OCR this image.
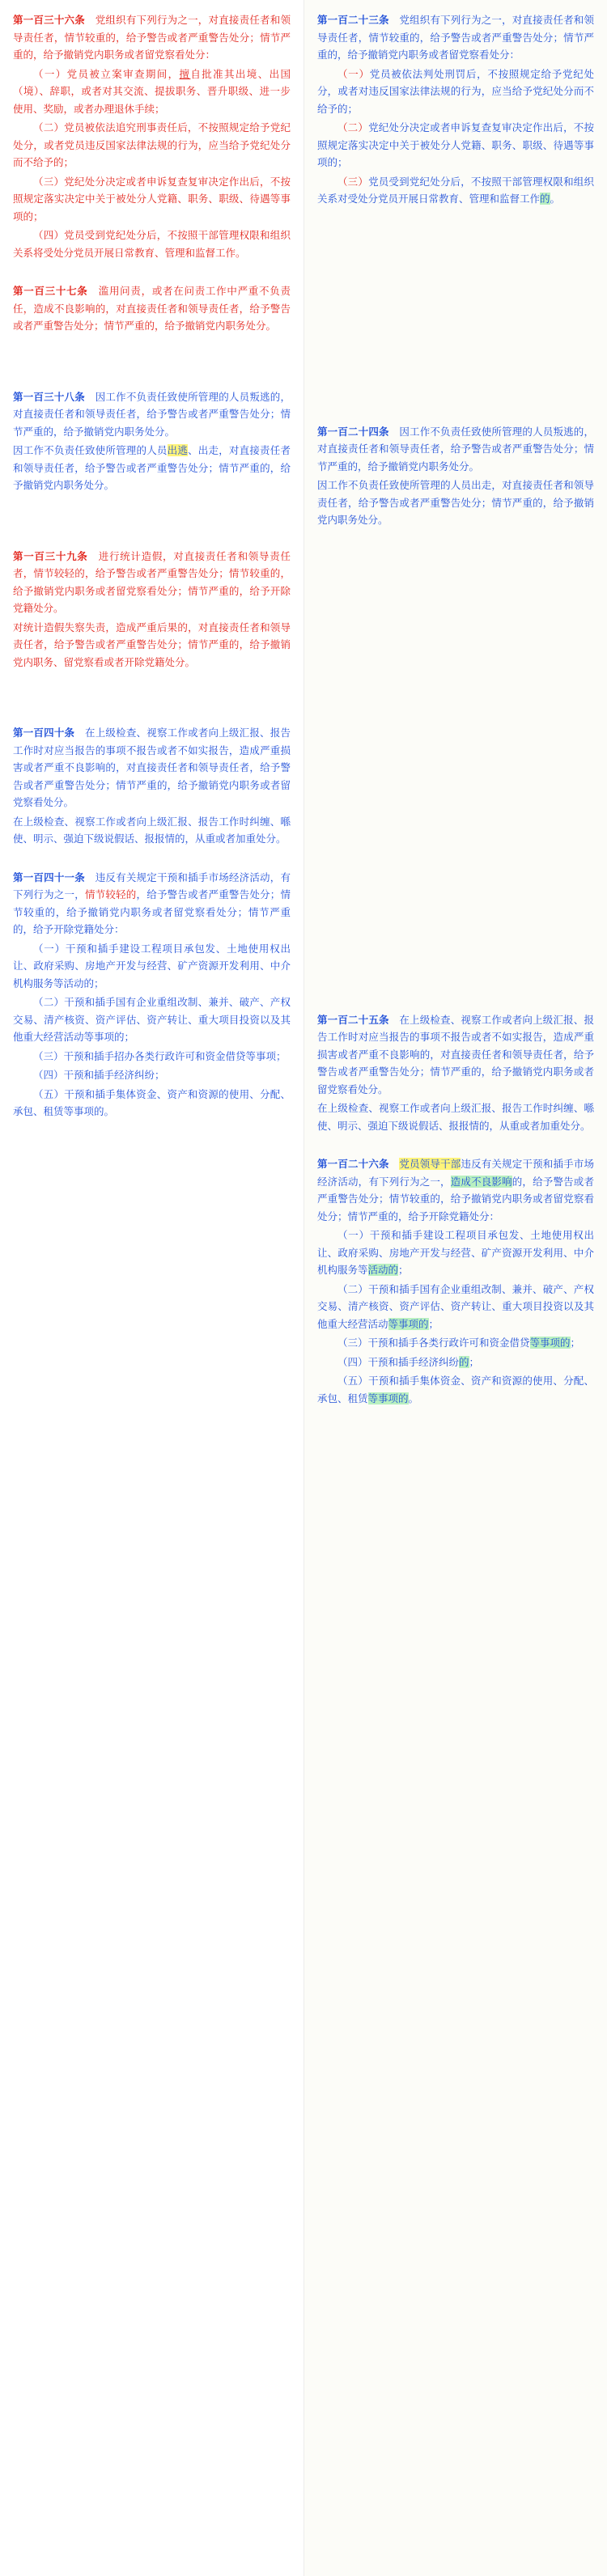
第一百三十六条　 党组织有下列行为之一，对直接责任者和领导责任者，情节较重的，给予警告或者严重警告处分；情节严重的，给予撤销党内职务或者留党察看处分：

（一）党员被立案审查期间，擅自批准其出境、出国（境）、辞职，或者对其交流、提拔职务、晋升职级、进一步使用、奖励，或者办理退休手续；

（二）党员被依法追究刑事责任后，不按照规定给予党纪处分，或者党员违反国家法律法规的行为，应当给予党纪处分而不给予的；

（三）党纪处分决定或者申诉复查复审决定作出后，不按照规定落实决定中关于被处分人党籍、职务、职级、待遇等事项的；

（四）党员受到党纪处分后，不按照干部管理权限和组织关系将受处分党员开展日常教育、管理和监督工作。

第一百三十七条　 滥用问责，或者在问责工作中严重不负责任，造成不良影响的，对直接责任者和领导责任者，给予警告或者严重警告处分；情节严重的，给予撤销党内职务处分。

第一百三十八条　 因工作不负责任致使所管理的人员叛逃的，对直接责任者和领导责任者，给予警告或者严重警告处分；情节严重的，给予撤销党内职务处分。

因工作不负责任致使所管理的人员出逃、出走，对直接责任者和领导责任者，给予警告或者严重警告处分；情节严重的，给予撤销党内职务处分。

第一百三十九条　 进行统计造假，对直接责任者和领导责任者，情节较轻的，给予警告或者严重警告处分；情节较重的，给予撤销党内职务或者留党察看处分；情节严重的，给予开除党籍处分。

对统计造假失察失责，造成严重后果的，对直接责任者和领导责任者，给予警告或者严重警告处分；情节严重的，给予撤销党内职务、留党察看或者开除党籍处分。

第一百四十条　 在上级检查、视察工作或者向上级汇报、报告工作时对应当报告的事项不报告或者不如实报告，造成严重损害或者严重不良影响的，对直接责任者和领导责任者，给予警告或者严重警告处分；情节严重的，给予撤销党内职务或者留党察看处分。

在上级检查、视察工作或者向上级汇报、报告工作时纠缠、喺使、明示、强迫下级说假话、报报情的，从重或者加重处分。

第一百四十一条　 违反有关规定干预和插手市场经济活动，有下列行为之一，情节较轻的，给予警告或者严重警告处分；情节较重的，给予撤销党内职务或者留党察看处分；情节严重的，给予开除党籍处分：

（一）干预和插手建设工程项目承包发、土地使用权出让、政府采购、房地产开发与经营、矿产资源开发利用、中介机构服务等活动的；

（二）干预和插手国有企业重组改制、兼并、破产、产权交易、清产核资、资产评估、资产转让、重大项目投资以及其他重大经营活动等事项的；

（三）干预和插手招办各类行政许可和资金借贷等事项；

（四）干预和插手经济纠纷；

（五）干预和插手集体资金、资产和资源的使用、分配、承包、租赁等事项的。

第一百二十三条　 党组织有下列行为之一，对直接责任者和领导责任者，情节较重的，给予警告或者严重警告处分；情节严重的，给予撤销党内职务或者留党察看处分：

（一）党员被依法判处刑罚后，不按照规定给予党纪处分，或者对违反国家法律法规的行为，应当给予党纪处分而不给予的；

（二）党纪处分决定或者申诉复查复审决定作出后，不按照规定落实决定中关于被处分人党籍、职务、职级、待遇等事项的；

（三）党员受到党纪处分后，不按照干部管理权限和组织关系对受处分党员开展日常教育、管理和监督工作的。

第一百二十四条　 因工作不负责任致使所管理的人员叛逃的，对直接责任者和领导责任者，给予警告或者严重警告处分；情节严重的，给予撤销党内职务处分。

因工作不负责任致使所管理的人员出走，对直接责任者和领导责任者，给予警告或者严重警告处分；情节严重的，给予撤销党内职务处分。

第一百二十五条　 在上级检查、视察工作或者向上级汇报、报告工作时对应当报告的事项不报告或者不如实报告，造成严重损害或者严重不良影响的，对直接责任者和领导责任者，给予警告或者严重警告处分；情节严重的，给予撤销党内职务或者留党察看处分。

在上级检查、视察工作或者向上级汇报、报告工作时纠缠、喺使、明示、强迫下级说假话、报报情的，从重或者加重处分。

第一百二十六条　 党员领导干部违反有关规定干预和插手市场经济活动，有下列行为之一，造成不良影响的，给予警告或者严重警告处分；情节较重的，给予撤销党内职务或者留党察看处分；情节严重的，给予开除党籍处分：

（一）干预和插手建设工程项目承包发、土地使用权出让、政府采购、房地产开发与经营、矿产资源开发利用、中介机构服务等活动的；

（二）干预和插手国有企业重组改制、兼并、破产、产权交易、清产核资、资产评估、资产转让、重大项目投资以及其他重大经营活动等事项的；

（三）干预和插手各类行政许可和资金借贷等事项的；

（四）干预和插手经济纠纷的；

（五）干预和插手集体资金、资产和资源的使用、分配、承包、租赁等事项的。
